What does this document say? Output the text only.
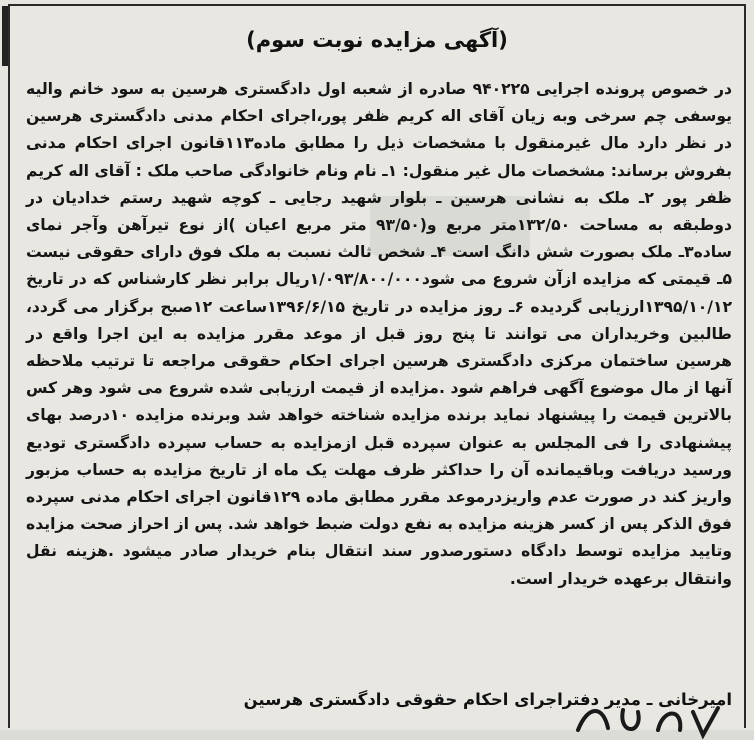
(آگهی مزایده نوبت سوم)
در خصوص پرونده اجرایی ۹۴۰۲۲۵ صادره از شعبه اول دادگستری هرسین به سود خانم والیه یوسفی چم سرخی وبه زیان آقای اله کریم ظفر پور،اجرای احکام مدنی دادگستری هرسین در نظر دارد مال غیرمنقول با مشخصات ذیل را مطابق ماده۱۱۳قانون اجرای احکام مدنی بفروش برساند: مشخصات مال غیر منقول: ۱ـ نام ونام خانوادگی صاحب ملک : آقای اله کریم ظفر پور ۲ـ ملک به نشانی هرسین ـ بلوار شهید رجایی ـ کوچه شهید رستم خدادیان در دوطبقه به مساحت ۱۳۲/۵۰متر مربع و(۹۳/۵۰ متر مربع اعیان )از نوع تیرآهن وآجر نمای ساده۳ـ ملک بصورت شش دانگ است ۴ـ شخص ثالث نسبت به ملک فوق دارای حقوقی نیست ۵ـ قیمتی که مزایده ازآن شروع می شود۱/۰۹۳/۸۰۰/۰۰۰ریال برابر نظر کارشناس که در تاریخ ۱۳۹۵/۱۰/۱۲ارزیابی گردیده ۶ـ روز مزایده در تاریخ ۱۳۹۶/۶/۱۵ساعت ۱۲صبح برگزار می گردد، طالبین وخریداران می توانند تا پنج روز قبل از موعد مقرر مزایده به این اجرا واقع در هرسین ساختمان مرکزی دادگستری هرسین اجرای احکام حقوقی مراجعه تا ترتیب ملاحظه آنها از مال موضوع آگهی فراهم شود .مزایده از قیمت ارزیابی شده شروع می شود وهر کس بالاترین قیمت را پیشنهاد نماید برنده مزایده شناخته خواهد شد وبرنده مزایده ۱۰درصد بهای پیشنهادی را فی المجلس به عنوان سپرده قبل ازمزایده به حساب سپرده دادگستری تودیع ورسید دریافت وباقیمانده آن را حداکثر ظرف مهلت یک ماه از تاریخ مزایده به حساب مزبور واریز کند در صورت عدم واریزدرموعد مقرر مطابق ماده ۱۲۹قانون اجرای احکام مدنی سپرده فوق الذکر پس از کسر هزینه مزایده به نفع دولت ضبط خواهد شد. پس از احراز صحت مزایده وتایید مزایده توسط دادگاه دستورصدور سند انتقال بنام خریدار صادر میشود .هزینه نقل وانتقال برعهده خریدار است.
امیرخانی ـ مدیر دفتراجرای احکام حقوقی دادگستری هرسین
